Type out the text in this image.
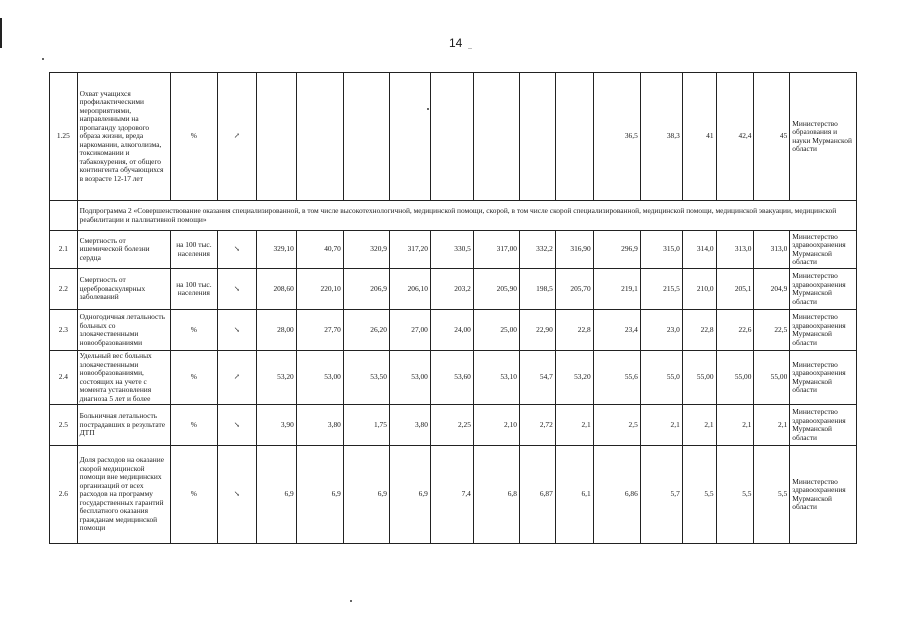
14 ..
1.25	Охват учащихся профилактическими мероприятиями, направленными на пропаганду здорового образа жизни, вреда наркомании, алкоголизма, токсикомании и табакокурения, от общего контингента обучающихся в возрасте 12-17 лет	%	↗									36,5	38,3	41	42,4	45	Министерство образования и науки Мурманской области
	Подпрограмма 2 «Совершенствование оказания специализированной, в том числе высокотехнологичной, медицинской помощи, скорой, в том числе скорой специализированной, медицинской помощи, медицинской эвакуации, медицинской реабилитации и паллиативной помощи»																
2.1	Смертность от ишемической болезни сердца	на 100 тыс. населения	↘	329,10	40,70	320,9	317,20	330,5	317,00	332,2	316,90	296,9	315,0	314,0	313,0	313,0	Министерство здравоохранения Мурманской области
2.2	Смертность от цереброваскулярных заболеваний	на 100 тыс. населения	↘	208,60	220,10	206,9	206,10	203,2	205,90	198,5	205,70	219,1	215,5	210,0	205,1	204,9	Министерство здравоохранения Мурманской области
2.3	Одногодичная летальность больных со злокачественными новообразованиями	%	↘	28,00	27,70	26,20	27,00	24,00	25,00	22,90	22,8	23,4	23,0	22,8	22,6	22,5	Министерство здравоохранения Мурманской области
2.4	Удельный вес больных злокачественными новообразованиями, состоящих на учете с момента установления диагноза 5 лет и более	%	↗	53,20	53,00	53,50	53,00	53,60	53,10	54,7	53,20	55,6	55,0	55,00	55,00	55,00	Министерство здравоохранения Мурманской области
2.5	Больничная летальность пострадавших в результате ДТП	%	↘	3,90	3,80	1,75	3,80	2,25	2,10	2,72	2,1	2,5	2,1	2,1	2,1	2,1	Министерство здравоохранения Мурманской области
2.6	Доля расходов на оказание скорой медицинской помощи вне медицинских организаций от всех расходов на программу государственных гарантий бесплатного оказания гражданам медицинской помощи	%	↘	6,9	6,9	6,9	6,9	7,4	6,8	6,87	6,1	6,86	5,7	5,5	5,5	5,5	Министерство здравоохранения Мурманской области
